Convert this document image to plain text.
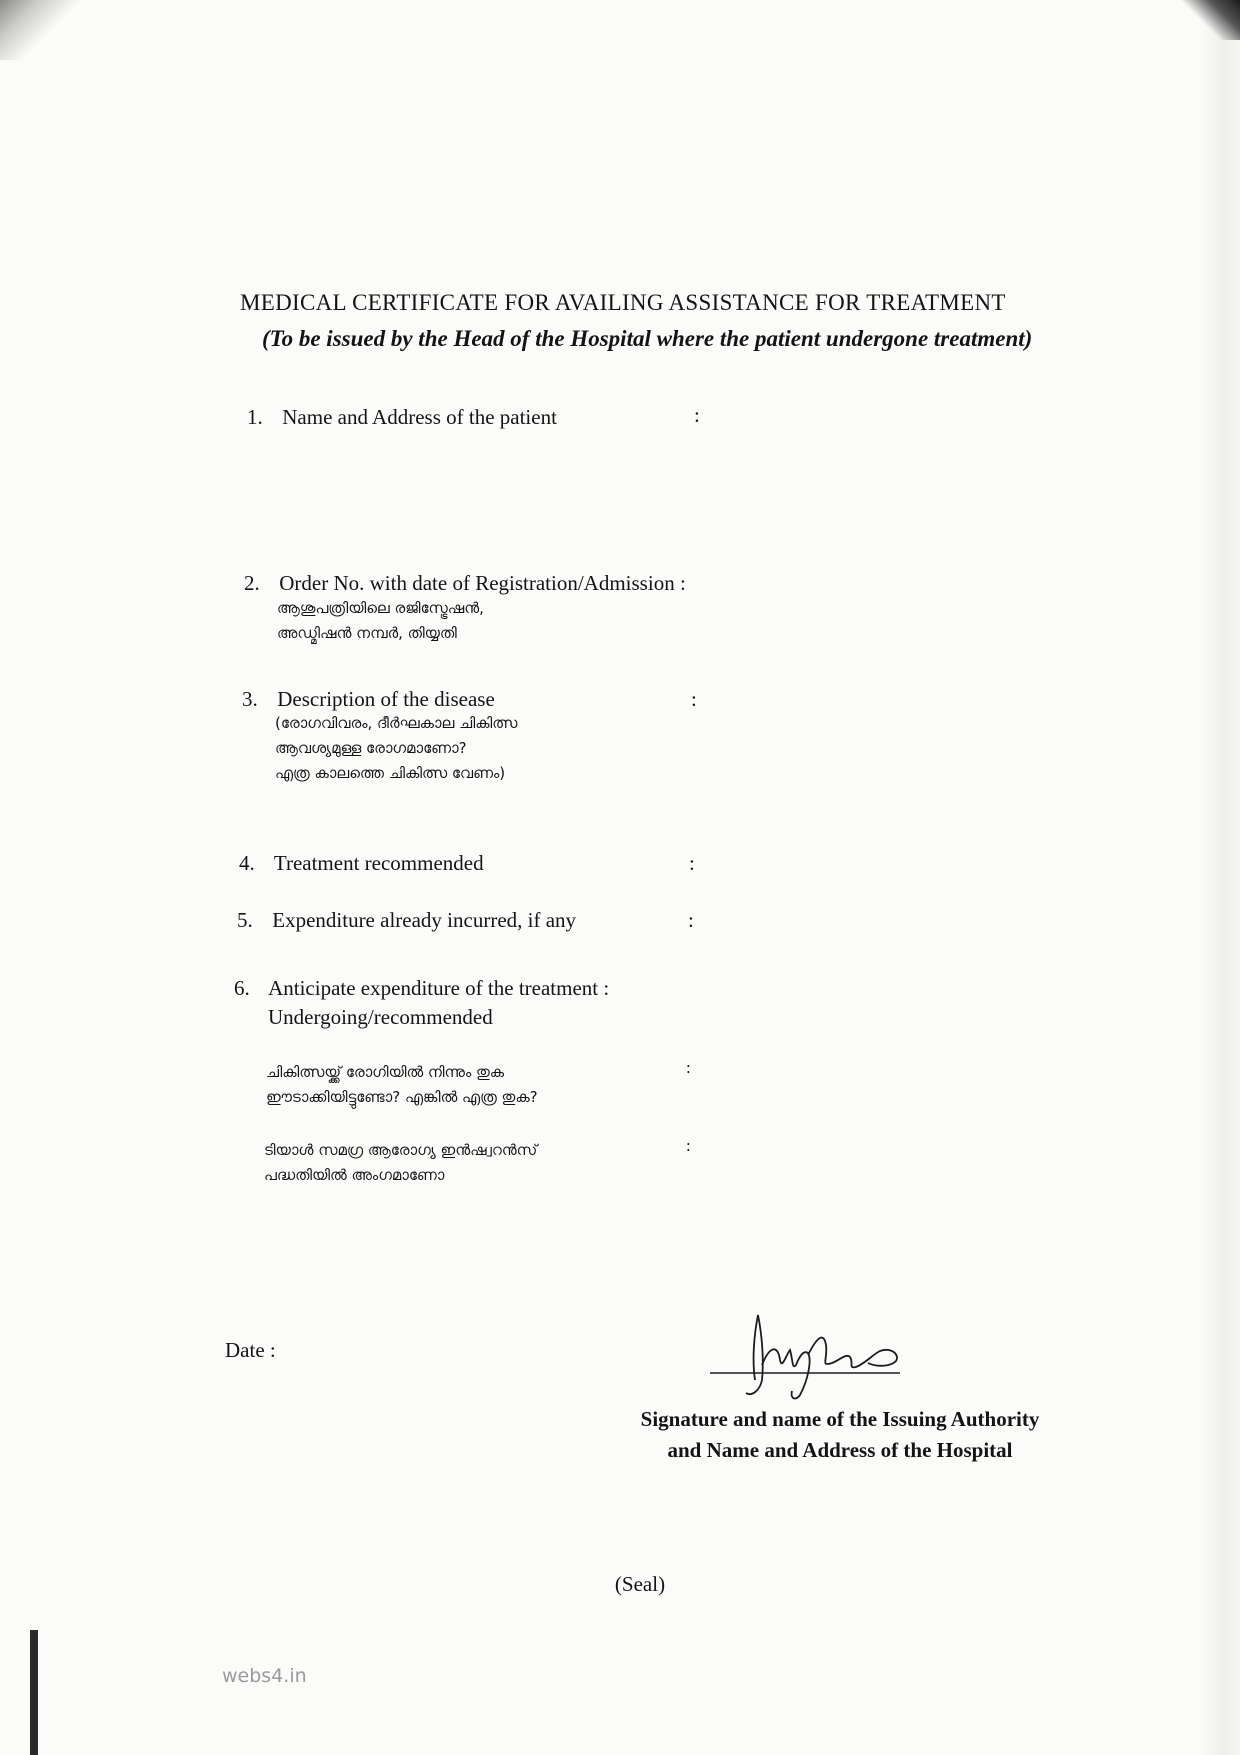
MEDICAL CERTIFICATE FOR AVAILING ASSISTANCE FOR TREATMENT
(To be issued by the Head of the Hospital where the patient undergone treatment)
1. Name and Address of the patient	:
2. Order No. with date of Registration/Admission :
ആശുപത്രിയിലെ രജിസ്ട്രേഷൻ,
അഡ്മിഷൻ നമ്പർ, തിയ്യതി
3. Description of the disease	:
(രോഗവിവരം, ദീർഘകാല ചികിത്സ
ആവശ്യമുള്ള രോഗമാണോ?
എത്ര കാലത്തെ ചികിത്സ വേണം)
4. Treatment recommended	:
5. Expenditure already incurred, if any	:
6. Anticipate expenditure of the treatment :
Undergoing/recommended
ചികിത്സയ്ക്ക് രോഗിയിൽ നിന്നും തുക
ഈടാക്കിയിട്ടുണ്ടോ? എങ്കിൽ എത്ര തുക?
:
ടിയാൾ സമഗ്ര ആരോഗ്യ ഇൻഷ്വറൻസ്
പദ്ധതിയിൽ അംഗമാണോ
:
Date :
Signature and name of the Issuing Authority
and Name and Address of the Hospital
(Seal)
webs4.in
